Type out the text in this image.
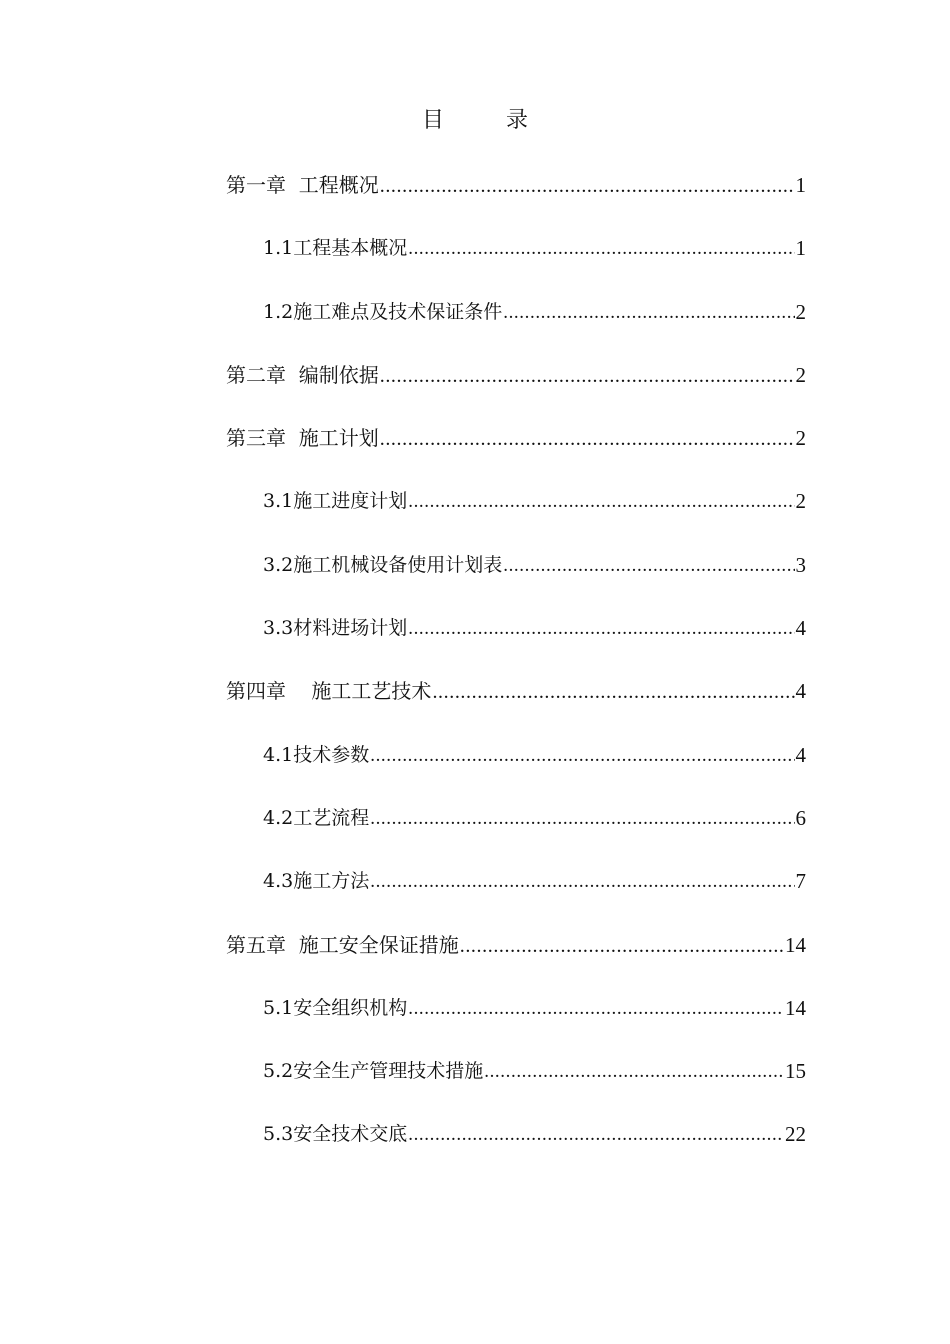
目　录
第一章  工程概况 .....	1
1.1工程基本概况 .....	1
1.2施工难点及技术保证条件 .....	2
第二章  编制依据 .....	2
第三章  施工计划 .....	2
3.1施工进度计划 .....	2
3.2施工机械设备使用计划表 .....	3
3.3材料进场计划 .....	4
第四章    施工工艺技术 .....	4
4.1技术参数 .....	4
4.2工艺流程 .....	6
4.3施工方法 .....	7
第五章  施工安全保证措施 .....	14
5.1安全组织机构 .....	14
5.2安全生产管理技术措施 .....	15
5.3安全技术交底 .....	22
